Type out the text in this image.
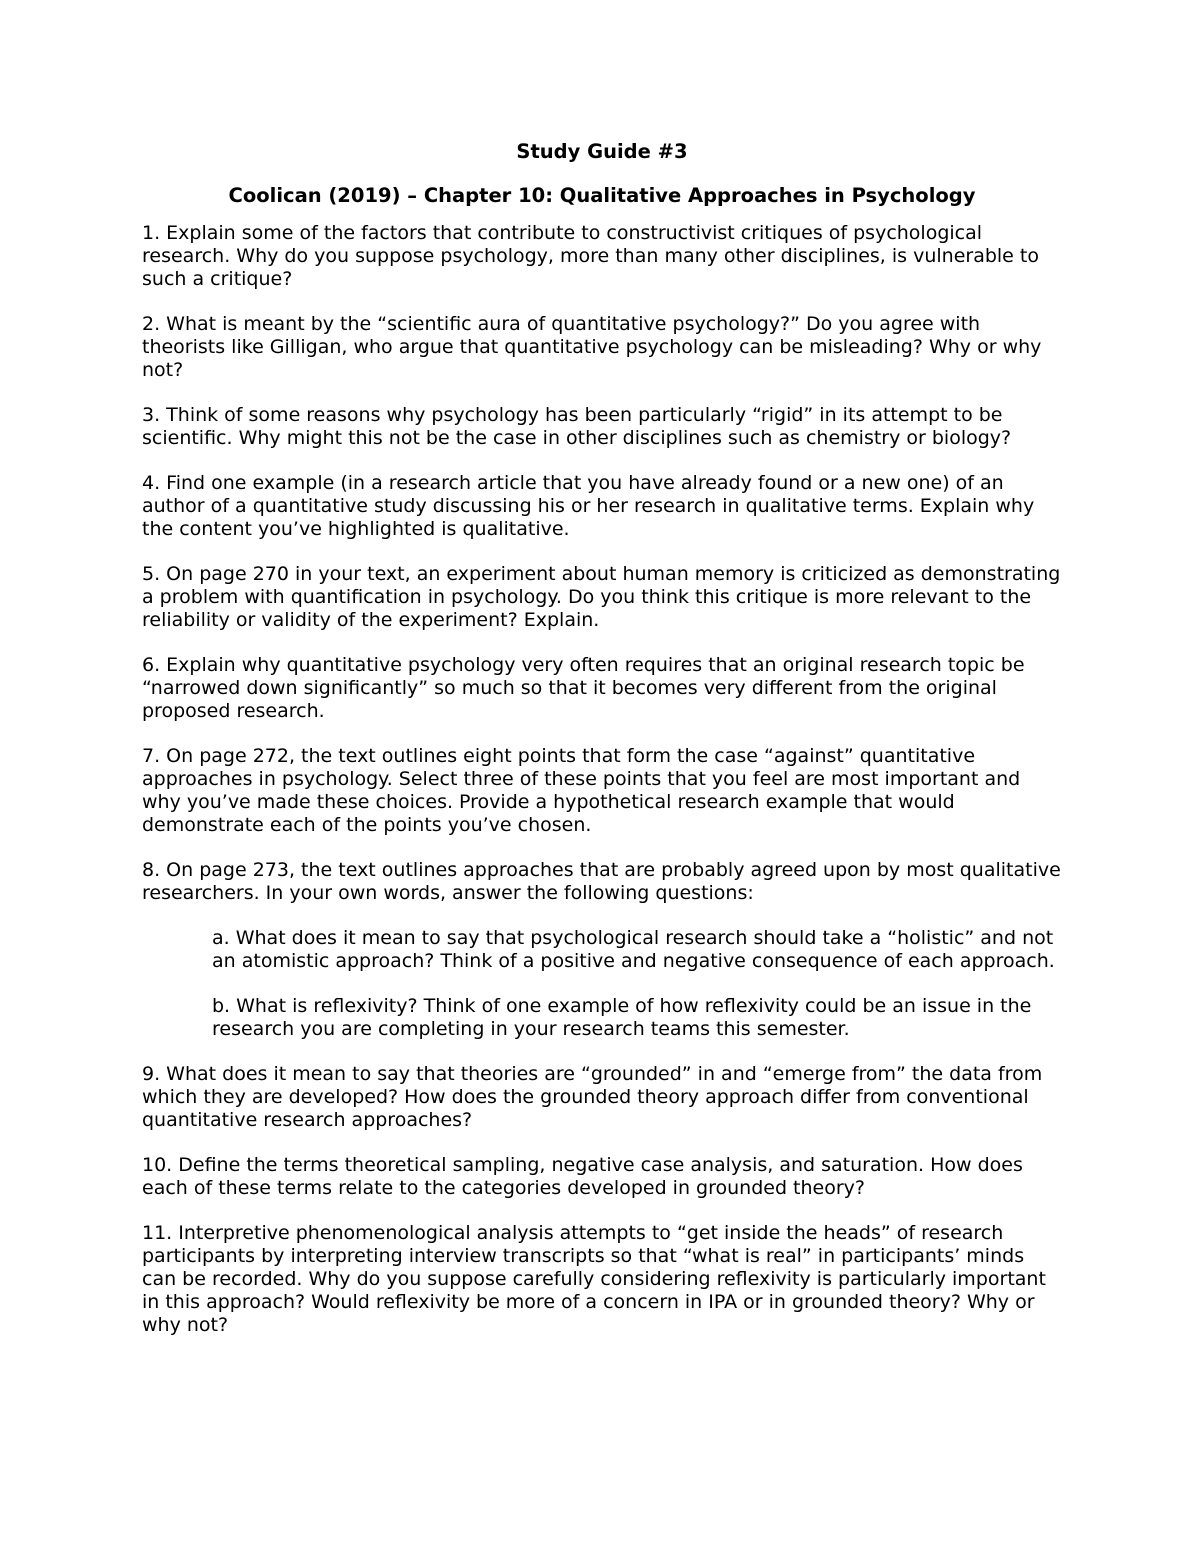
Study Guide #3

Coolican (2019) – Chapter 10: Qualitative Approaches in Psychology

1. Explain some of the factors that contribute to constructivist critiques of psychological research. Why do you suppose psychology, more than many other disciplines, is vulnerable to such a critique?

2. What is meant by the “scientific aura of quantitative psychology?” Do you agree with theorists like Gilligan, who argue that quantitative psychology can be misleading? Why or why not?

3. Think of some reasons why psychology has been particularly “rigid” in its attempt to be scientific. Why might this not be the case in other disciplines such as chemistry or biology?

4. Find one example (in a research article that you have already found or a new one) of an author of a quantitative study discussing his or her research in qualitative terms. Explain why the content you’ve highlighted is qualitative.

5. On page 270 in your text, an experiment about human memory is criticized as demonstrating a problem with quantification in psychology. Do you think this critique is more relevant to the reliability or validity of the experiment? Explain.

6. Explain why quantitative psychology very often requires that an original research topic be “narrowed down significantly” so much so that it becomes very different from the original proposed research.

7. On page 272, the text outlines eight points that form the case “against” quantitative approaches in psychology. Select three of these points that you feel are most important and why you’ve made these choices. Provide a hypothetical research example that would demonstrate each of the points you’ve chosen.

8. On page 273, the text outlines approaches that are probably agreed upon by most qualitative researchers. In your own words, answer the following questions:

a. What does it mean to say that psychological research should take a “holistic” and not an atomistic approach? Think of a positive and negative consequence of each approach.

b. What is reflexivity? Think of one example of how reflexivity could be an issue in the research you are completing in your research teams this semester.

9. What does it mean to say that theories are “grounded” in and “emerge from” the data from which they are developed? How does the grounded theory approach differ from conventional quantitative research approaches?

10. Define the terms theoretical sampling, negative case analysis, and saturation. How does each of these terms relate to the categories developed in grounded theory?

11. Interpretive phenomenological analysis attempts to “get inside the heads” of research participants by interpreting interview transcripts so that “what is real” in participants’ minds can be recorded. Why do you suppose carefully considering reflexivity is particularly important in this approach? Would reflexivity be more of a concern in IPA or in grounded theory? Why or why not?
